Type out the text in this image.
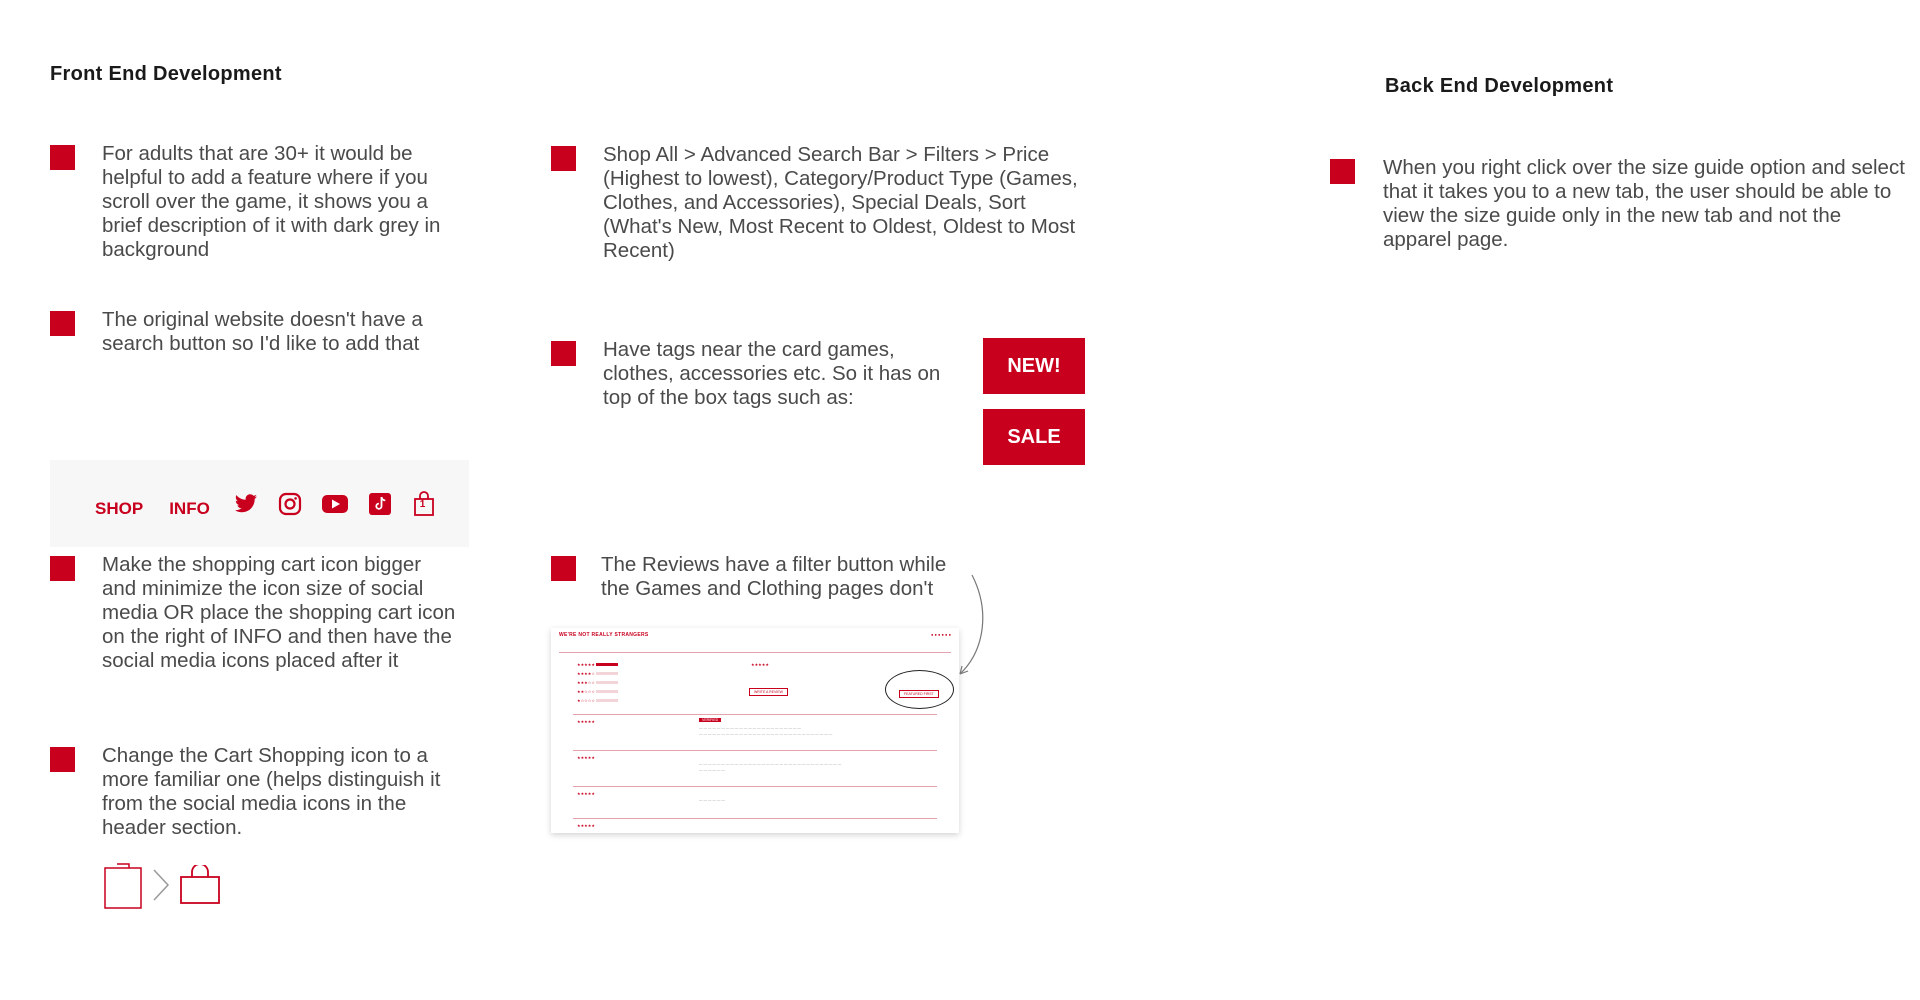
Front End Development
Back End Development
For adults that are 30+ it would be helpful to add a feature where if you scroll over the game, it shows you a brief description of it with dark grey in background
The original website doesn't have a search button so I'd like to add that
SHOP INFO	1
Make the shopping cart icon bigger and minimize the icon size of social media OR place the shopping cart icon on the right of INFO and then have the social media icons placed after it
Change the Cart Shopping icon to a more familiar one (helps distinguish it from the social media icons in the header section.
Shop All > Advanced Search Bar > Filters > Price (Highest to lowest), Category/Product Type (Games, Clothes, and Accessories), Special Deals, Sort (What's New, Most Recent to Oldest, Oldest to Most Recent)
Have tags near the card games, clothes, accessories etc. So it has on top of the box tags such as:
NEW!
SALE
The Reviews have a filter button while the Games and Clothing pages don't
WE'RE NOT REALLY STRANGERS	● ● ● ● ● ●
★★★★★
★★★★☆
★★★☆☆
★★☆☆☆
★☆☆☆☆
★★★★★
WRITE A REVIEW	FEATURED FIRST
★★★★★	VERIFIED
— — — — — — — — — — — — — — — — — — — — — — —
— — — — — — — — — — — — — — — — — — — — — — — — — — — — — —
★★★★★
— — — — — — — — — — — — — — — — — — — — — — — — — — — — — — — —
— — — — — —
★★★★★
— — — — — —
★★★★★
When you right click over the size guide option and select that it takes you to a new tab, the user should be able to view the size guide only in the new tab and not the apparel page.
